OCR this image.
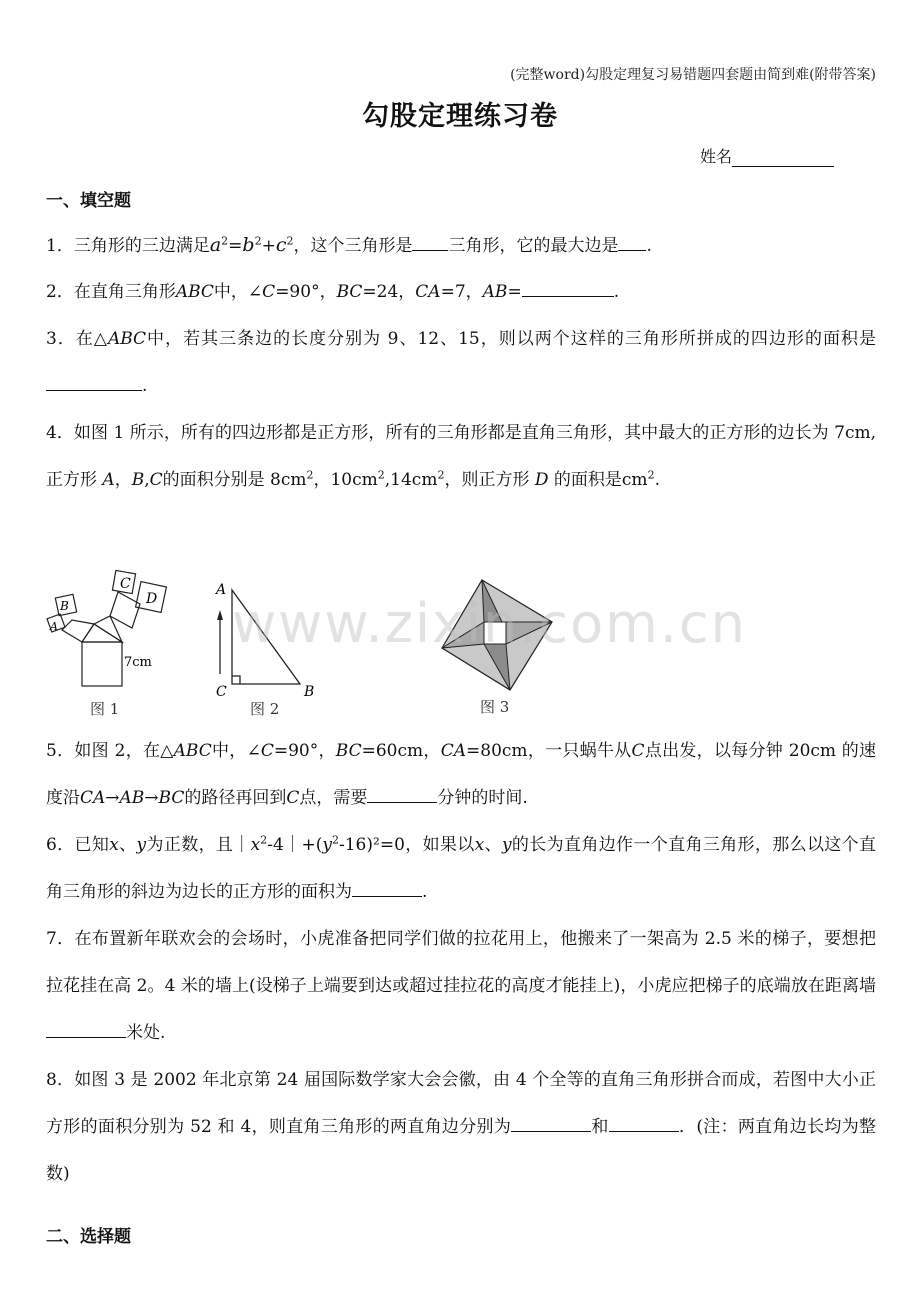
(完整word)勾股定理复习易错题四套题由简到难(附带答案)
勾股定理练习卷
姓名
一、填空题
1．三角形的三边满足$a^2=b^2+c^2$，这个三角形是 三角形，它的最大边是 .
2．在直角三角形ABC中，∠C=90°，BC=24，CA=7，AB=	.
3．在△ABC中，若其三条边的长度分别为 9、12、15，则以两个这样的三角形所拼成的四边形的面积是.
4．如图 1 所示，所有的四边形都是正方形，所有的三角形都是直角三角形，其中最大的正方形的边长为 7cm, 正方形 A，B,C的面积分别是 $8cm^2$，$10cm^2,14cm^2$，则正方形 D 的面积是$cm^2$.
C
D
B
A
7cm
图 1
A
C	B
图 2	图 3
www.zixin.com.cn
5．如图 2，在△ABC中，∠C=90°，BC=60cm，CA=80cm，一只蜗牛从C点出发，以每分钟 20cm 的速度沿CA→AB→BC的路径再回到C点，需要	分钟的时间.
6．已知x、y为正数，且$|x^2-4|+(y^2-16)^2=0$，如果以x、y的长为直角边作一个直角三角形，那么以这个直角三角形的斜边为边长的正方形的面积为	.
7．在布置新年联欢会的会场时，小虎准备把同学们做的拉花用上，他搬来了一架高为 2.5 米的梯子，要想把拉花挂在高 2。4 米的墙上(设梯子上端要到达或超过挂拉花的高度才能挂上)，小虎应把梯子的底端放在距离墙米处.
8．如图 3 是 2002 年北京第 24 届国际数学家大会会徽，由 4 个全等的直角三角形拼合而成，若图中大小正方形的面积分别为 52 和 4，则直角三角形的两直角边分别为	和	．(注：两直角边长均为整数)
二、选择题
